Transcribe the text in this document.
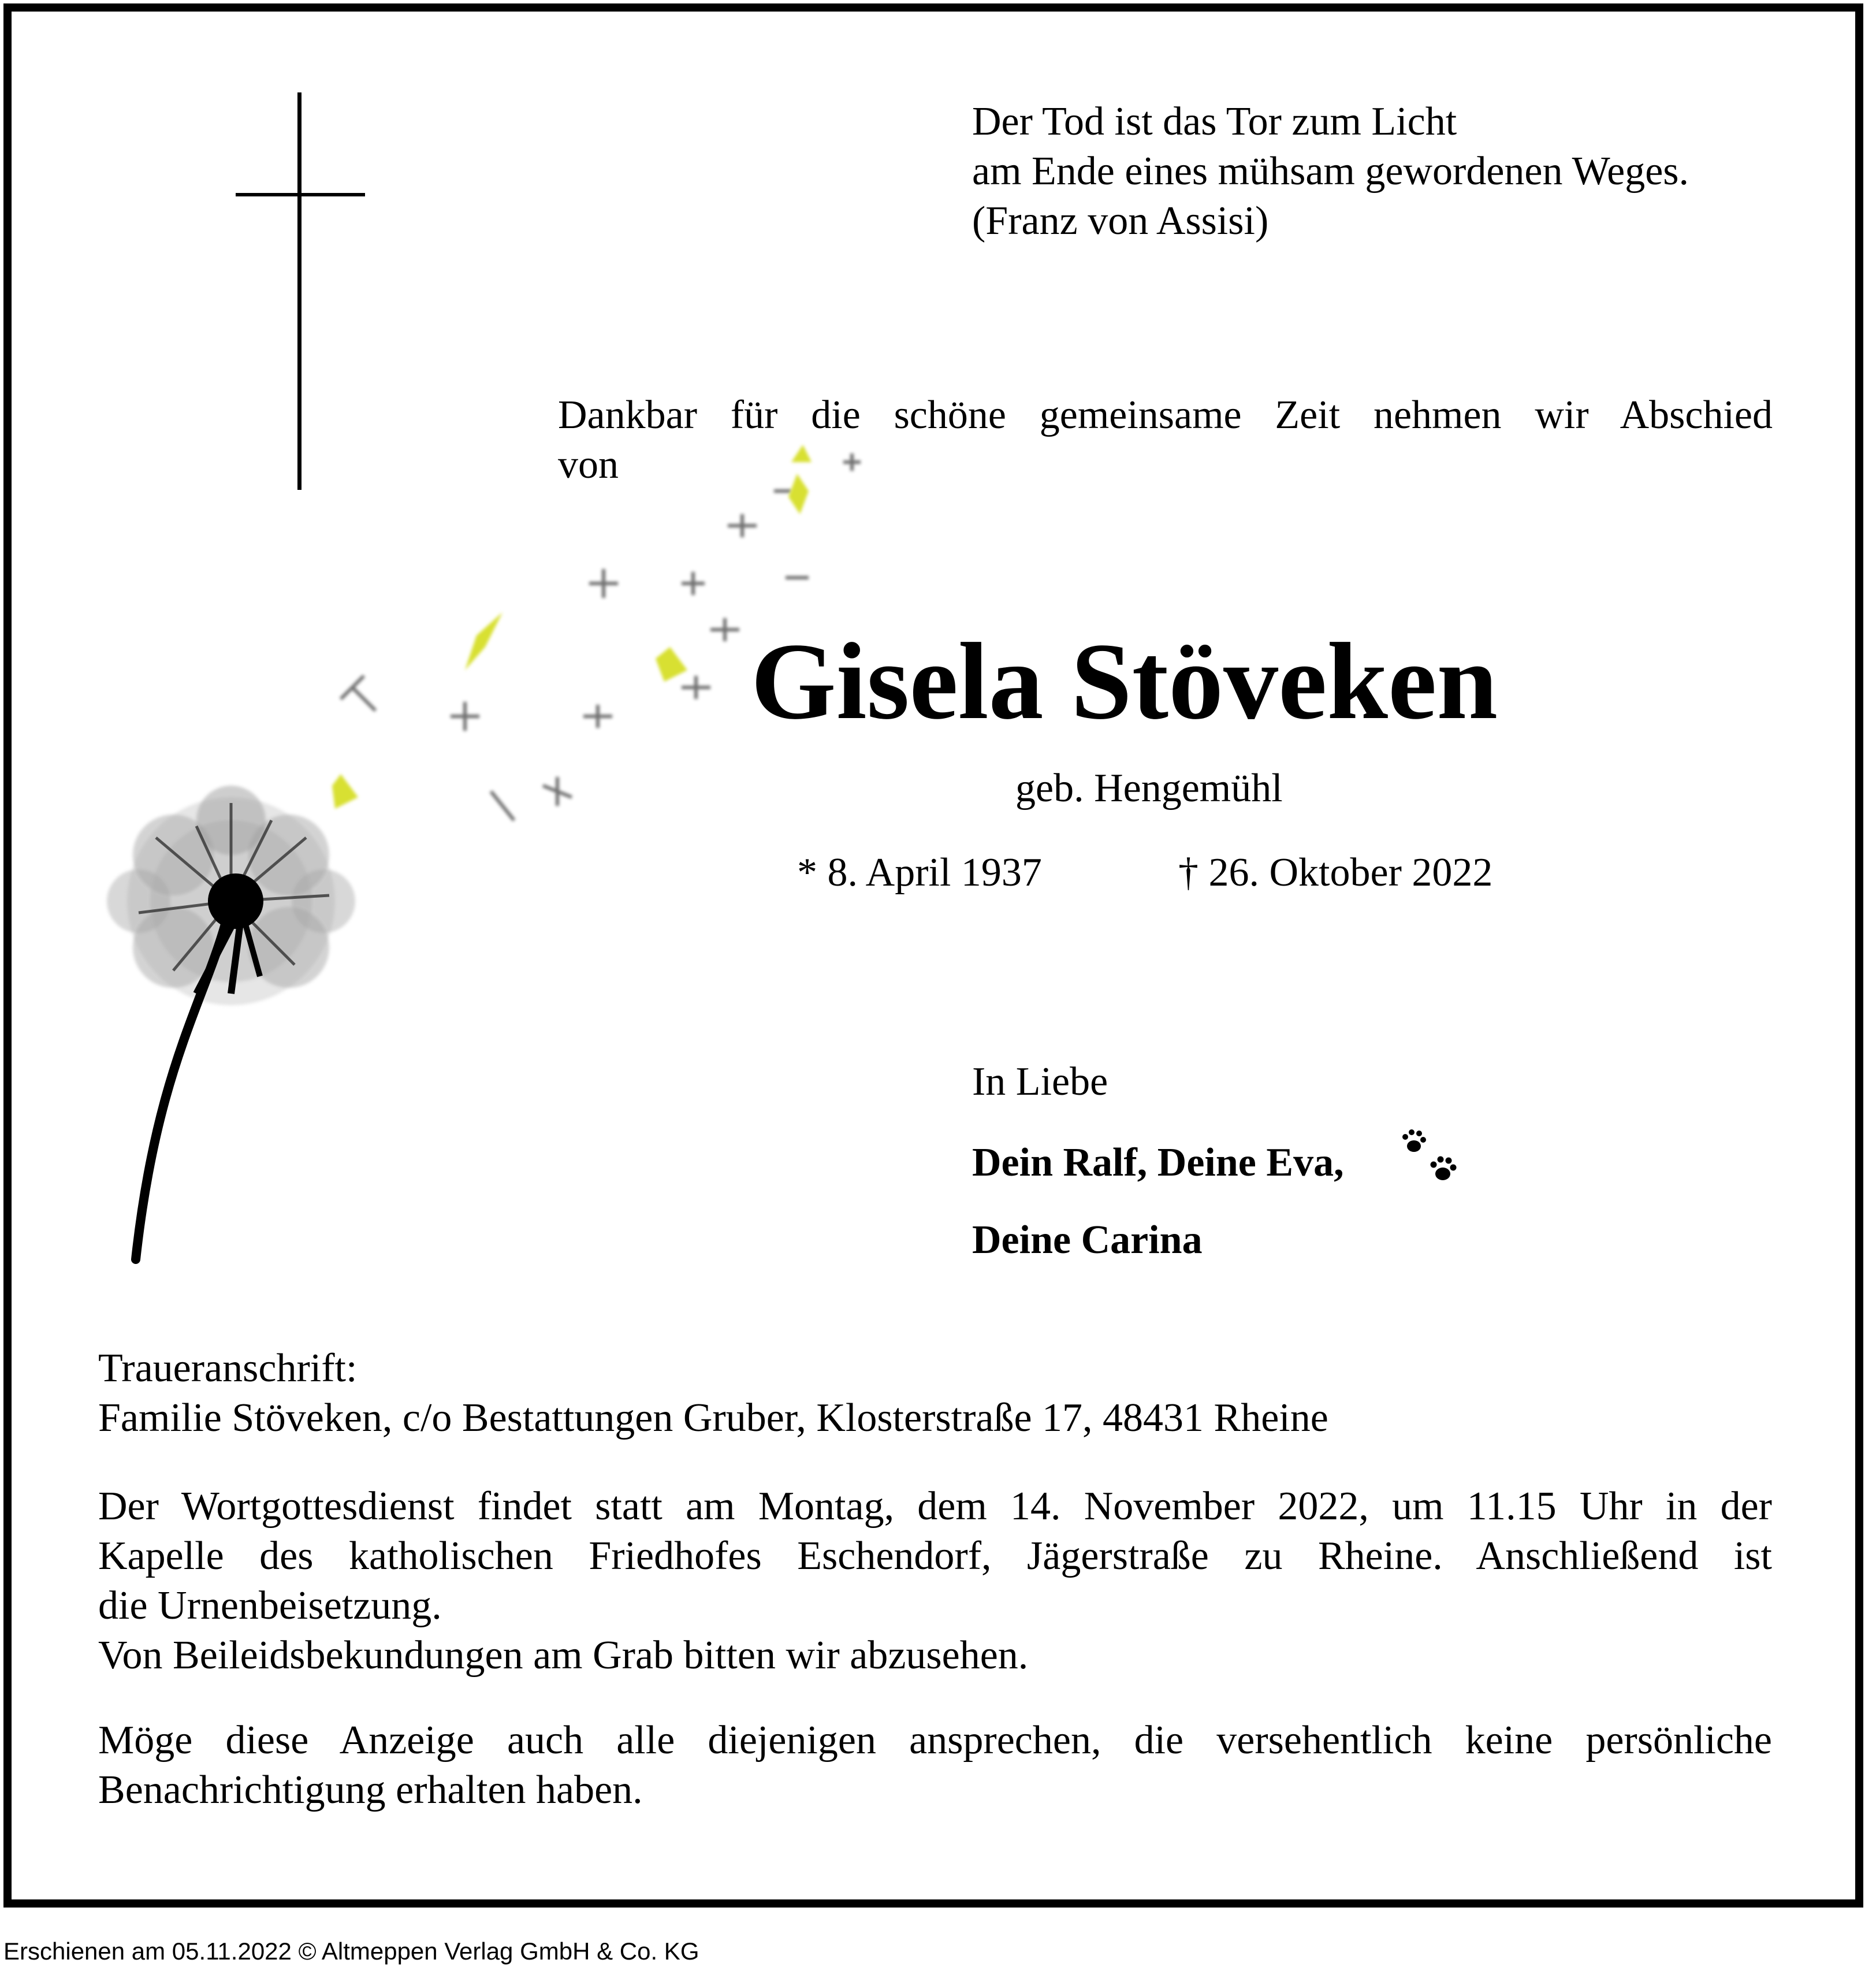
Der Tod ist das Tor zum Licht
am Ende eines mühsam gewordenen Weges.
(Franz von Assisi)
Dankbar für die schöne gemeinsame Zeit nehmen wir Abschied
von
Gisela Stöveken
geb. Hengemühl
* 8. April 1937	† 26. Oktober 2022
In Liebe
Dein Ralf, Deine Eva,
Deine Carina
Traueranschrift:
Familie Stöveken, c/o Bestattungen Gruber, Klosterstraße 17, 48431 Rheine
Der Wortgottesdienst findet statt am Montag, dem 14. November 2022, um 11.15 Uhr in der
Kapelle des katholischen Friedhofes Eschendorf, Jägerstraße zu Rheine. Anschließend ist
die Urnenbeisetzung.
Von Beileidsbekundungen am Grab bitten wir abzusehen.
Möge diese Anzeige auch alle diejenigen ansprechen, die versehentlich keine persönliche
Benachrichtigung erhalten haben.
Erschienen am 05.11.2022 © Altmeppen Verlag GmbH & Co. KG
